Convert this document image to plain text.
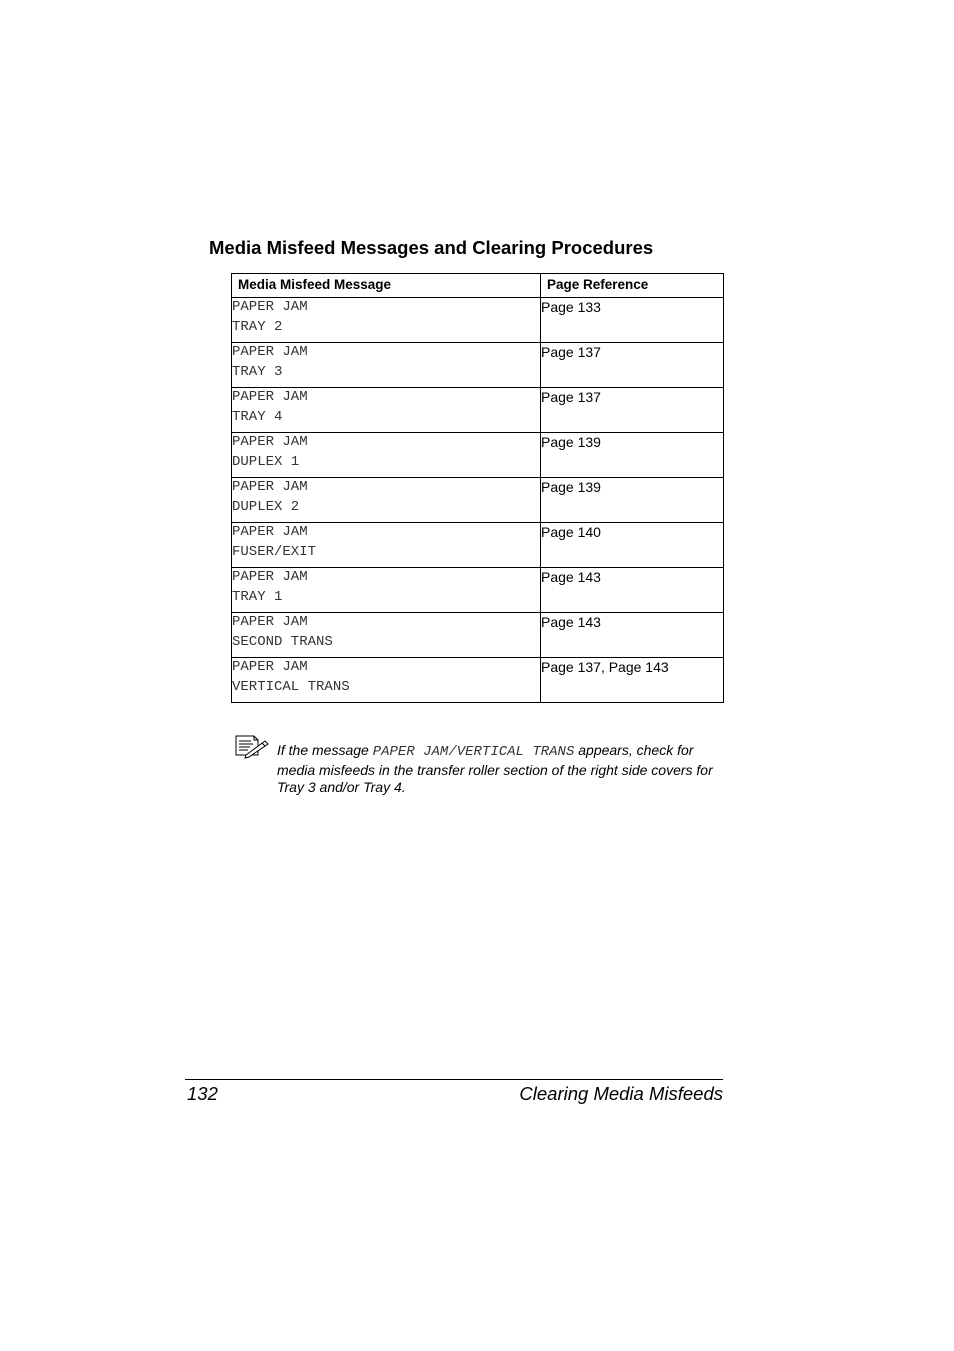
Media Misfeed Messages and Clearing Procedures
Media Misfeed Message	Page Reference
PAPER JAM
TRAY 2	Page 133
PAPER JAM
TRAY 3	Page 137
PAPER JAM
TRAY 4	Page 137
PAPER JAM
DUPLEX 1	Page 139
PAPER JAM
DUPLEX 2	Page 139
PAPER JAM
FUSER/EXIT	Page 140
PAPER JAM
TRAY 1	Page 143
PAPER JAM
SECOND TRANS	Page 143
PAPER JAM
VERTICAL TRANS	Page 137, Page 143

If the message PAPER JAM/VERTICAL TRANS appears, check for media misfeeds in the transfer roller section of the right side covers for Tray 3 and/or Tray 4.

132	Clearing Media Misfeeds
